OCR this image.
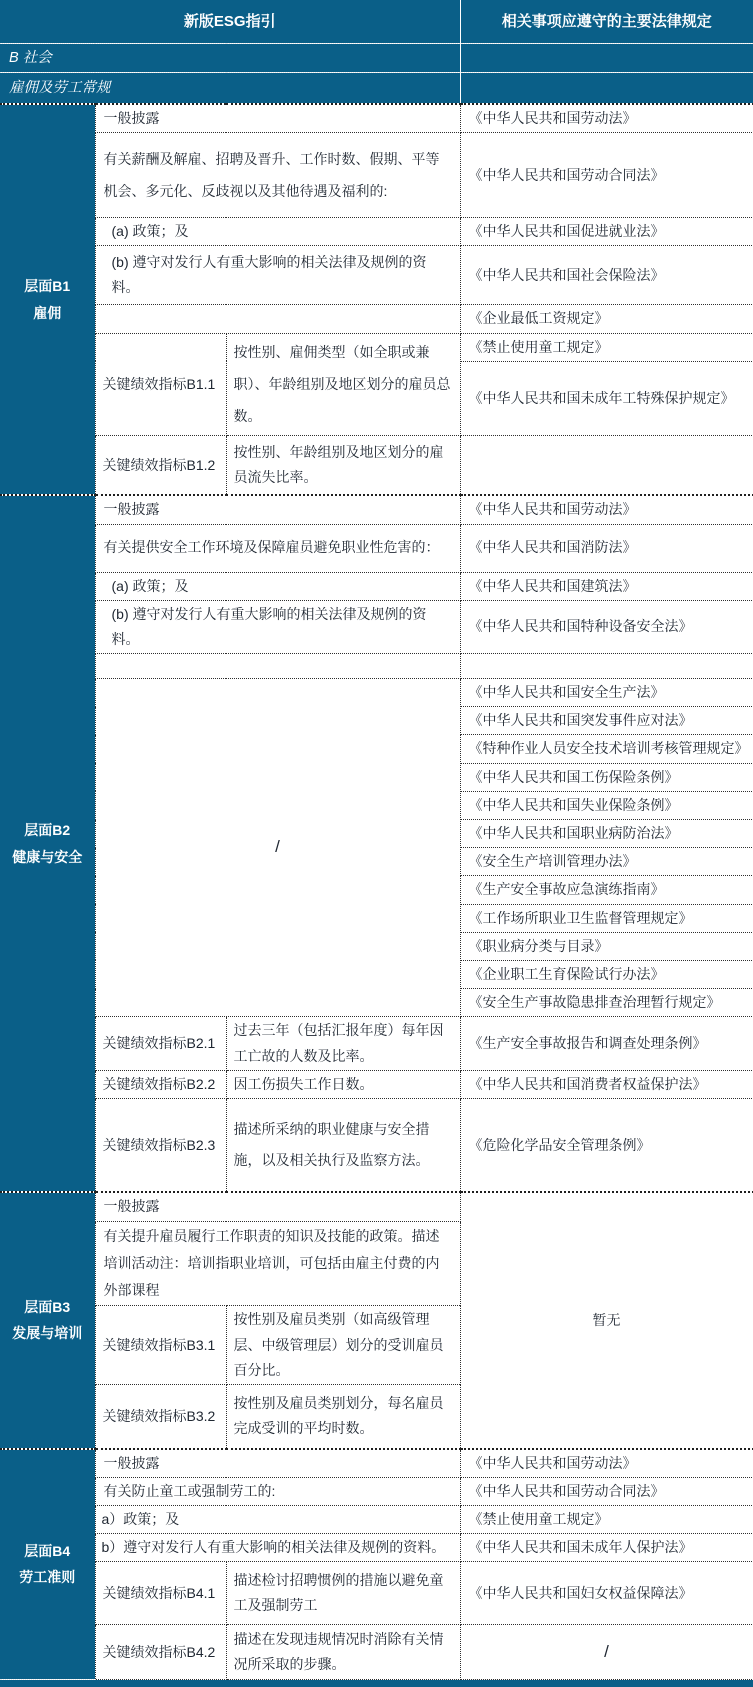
新版ESG指引			相关事项应遵守的主要法律规定
B 社会			
雇佣及劳工常规			
层面B1
雇佣	一般披露		《中华人民共和国劳动法》
	有关薪酬及解雇、招聘及晋升、工作时数、假期、平等机会、多元化、反歧视以及其他待遇及福利的:		《中华人民共和国劳动合同法》
	(a) 政策；及		《中华人民共和国促进就业法》
	(b) 遵守对发行人有重大影响的相关法律及规例的资料。		《中华人民共和国社会保险法》
			《企业最低工资规定》
	关键绩效指标B1.1	按性别、雇佣类型（如全职或兼职）、年龄组别及地区划分的雇员总数。	《禁止使用童工规定》
			《中华人民共和国未成年工特殊保护规定》
	关键绩效指标B1.2	按性别、年龄组别及地区划分的雇员流失比率。	
层面B2
健康与安全	一般披露		《中华人民共和国劳动法》
	有关提供安全工作环境及保障雇员避免职业性危害的：		《中华人民共和国消防法》
	(a) 政策；及		《中华人民共和国建筑法》
	(b) 遵守对发行人有重大影响的相关法律及规例的资料。		《中华人民共和国特种设备安全法》

	/		《中华人民共和国安全生产法》
			《中华人民共和国突发事件应对法》
			《特种作业人员安全技术培训考核管理规定》
			《中华人民共和国工伤保险条例》
			《中华人民共和国失业保险条例》
			《中华人民共和国职业病防治法》
			《安全生产培训管理办法》
			《生产安全事故应急演练指南》
			《工作场所职业卫生监督管理规定》
			《职业病分类与目录》
			《企业职工生育保险试行办法》
			《安全生产事故隐患排查治理暂行规定》
	关键绩效指标B2.1	过去三年（包括汇报年度）每年因工亡故的人数及比率。	《生产安全事故报告和调查处理条例》
	关键绩效指标B2.2	因工伤损失工作日数。	《中华人民共和国消费者权益保护法》
	关键绩效指标B2.3	描述所采纳的职业健康与安全措施，以及相关执行及监察方法。	《危险化学品安全管理条例》
层面B3
发展与培训	一般披露		暂无
	有关提升雇员履行工作职责的知识及技能的政策。描述培训活动注：培训指职业培训，可包括由雇主付费的内外部课程		
	关键绩效指标B3.1	按性别及雇员类别（如高级管理层、中级管理层）划分的受训雇员百分比。	
	关键绩效指标B3.2	按性别及雇员类别划分，每名雇员完成受训的平均时数。	
层面B4
劳工准则	一般披露		《中华人民共和国劳动法》
	有关防止童工或强制劳工的:		《中华人民共和国劳动合同法》
	a）政策；及		《禁止使用童工规定》
	b）遵守对发行人有重大影响的相关法律及规例的资料。		《中华人民共和国未成年人保护法》
	关键绩效指标B4.1	描述检讨招聘惯例的措施以避免童工及强制劳工	《中华人民共和国妇女权益保障法》
	关键绩效指标B4.2	描述在发现违规情况时消除有关情况所采取的步骤。	/
